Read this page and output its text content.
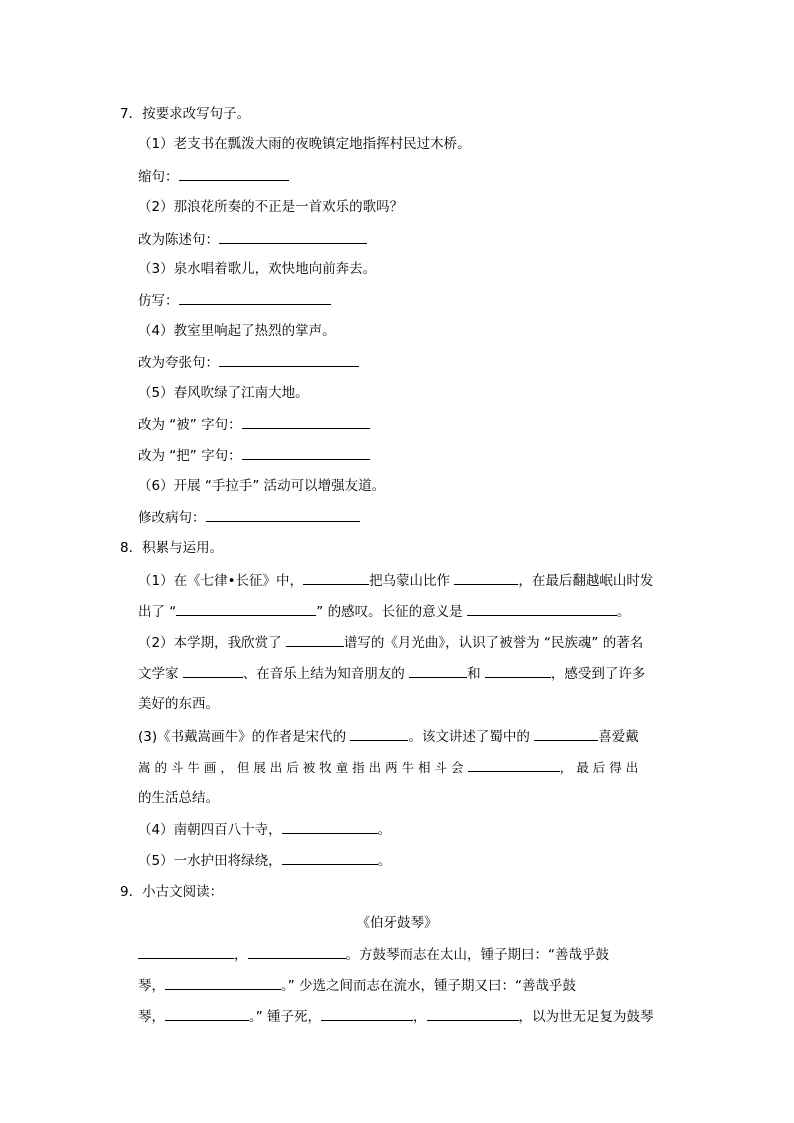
7．按要求改写句子。
（1）老支书在瓢泼大雨的夜晚镇定地指挥村民过木桥。
缩句：
（2）那浪花所奏的不正是一首欢乐的歌吗？
改为陈述句：
（3）泉水唱着歌儿，欢快地向前奔去。
仿写：
（4）教室里响起了热烈的掌声。
改为夸张句：
（5）春风吹绿了江南大地。
改为 “被” 字句：
改为 “把” 字句：
（6）开展 “手拉手” 活动可以增强友道。
修改病句：
8．积累与运用。
（1）在《七律•长征》中，	把乌蒙山比作	，在最后翻越岷山时发
出了 “	” 的感叹。长征的意义是	。
（2）本学期，我欣赏了	谱写的《月光曲》，认识了被誉为 “民族魂” 的著名
文学家	、在音乐上结为知音朋友的	和	，感受到了许多
美好的东西。
(3)《书戴嵩画牛》的作者是宋代的	。该文讲述了蜀中的	喜爱戴
嵩 的 斗 牛 画 ， 但 展 出 后 被 牧 童 指 出 两 牛 相 斗 会	， 最 后 得 出
的生活总结。
（4）南朝四百八十寺，	。
（5）一水护田将绿绕，	。
9．小古文阅读：
《伯牙鼓琴》
，	。方鼓琴而志在太山，锺子期曰：“善哉乎鼓
琴，	。” 少选之间而志在流水，锺子期又曰：“善哉乎鼓
琴，	。” 锺子死，	，	，以为世无足复为鼓琴
